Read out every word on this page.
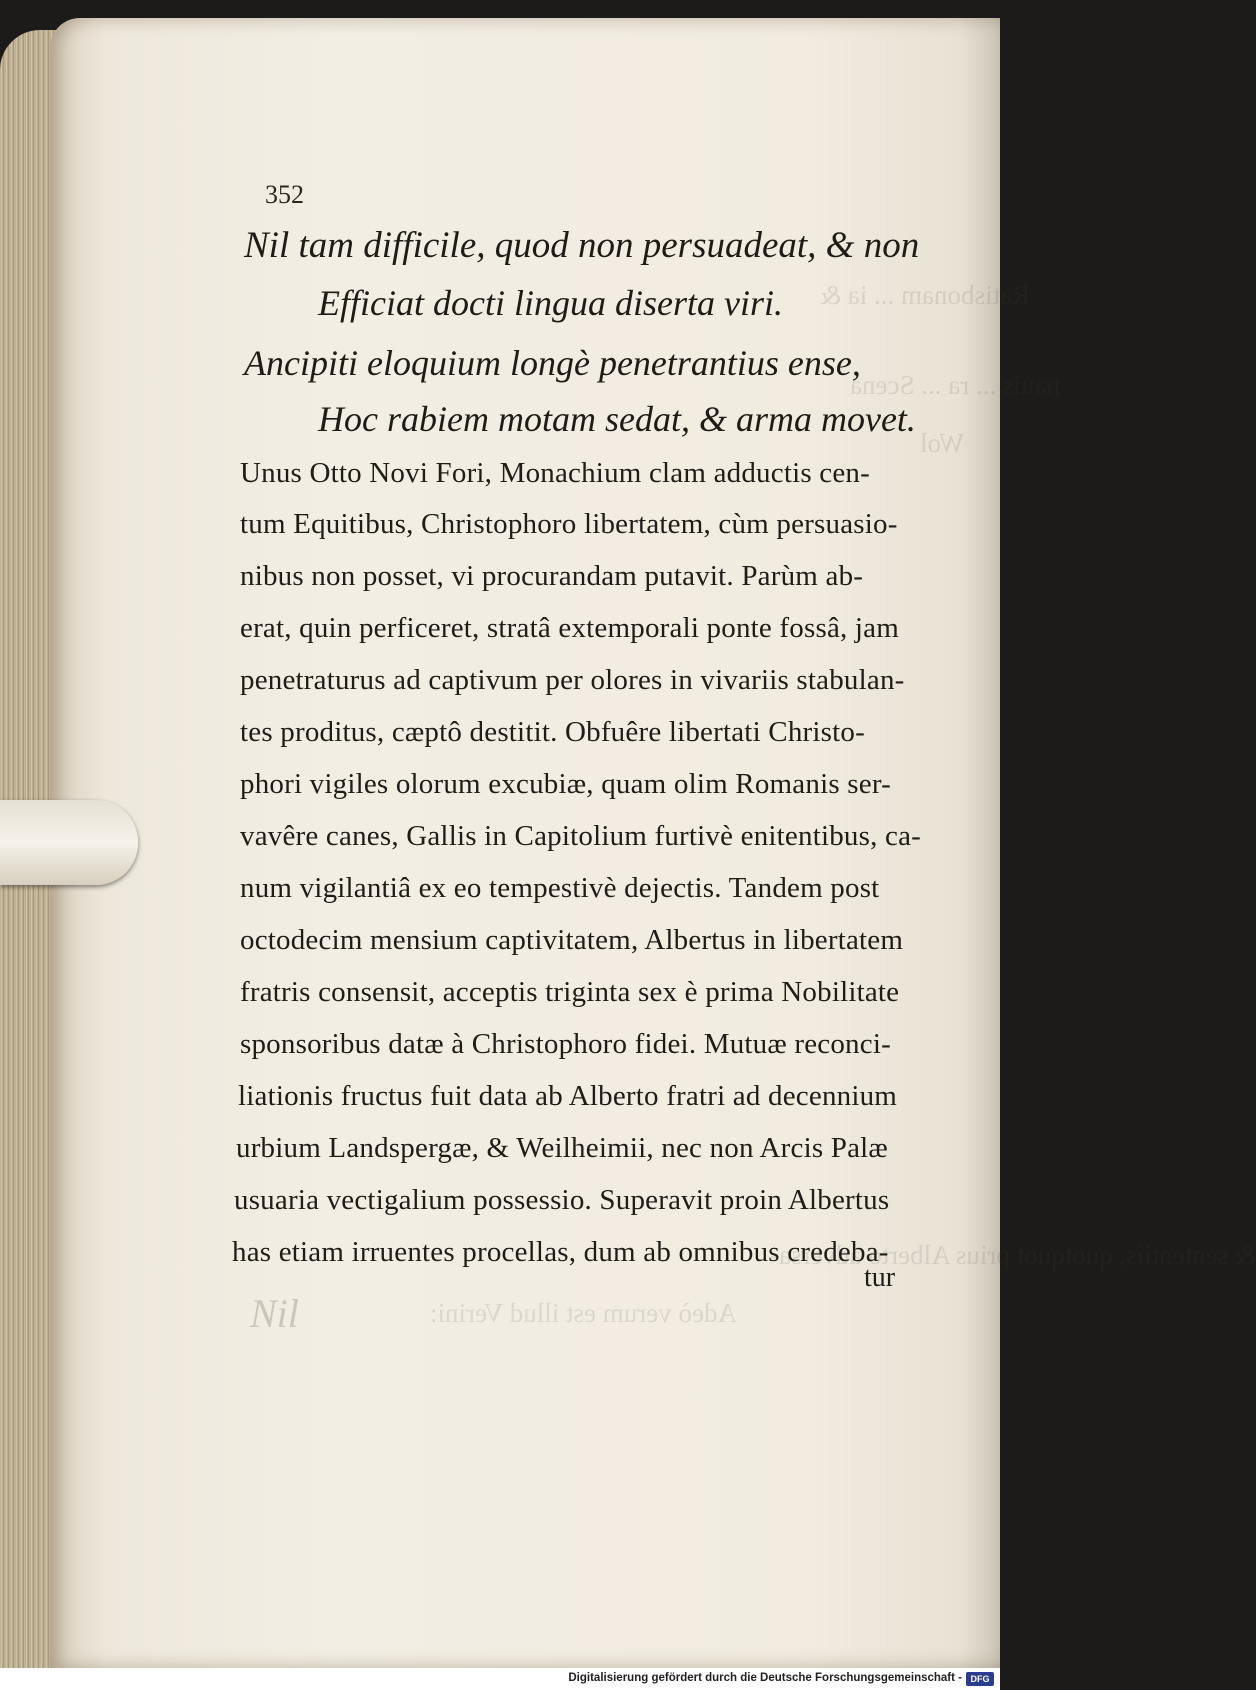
Ratisbonam ... ia &
nauis ... ra ... Scena
Wol
& sententiis, quotquot prius Alberto adversa-
Adeò verum est illud Verini:
352
Nil tam difficile, quod non persuadeat, & non
Efficiat docti lingua diserta viri.
Ancipiti eloquium longè penetrantius ense,
Hoc rabiem motam sedat, & arma movet.
Unus Otto Novi Fori, Monachium clam adductis cen-
tum Equitibus, Christophoro libertatem, cùm persuasio-
nibus non posset, vi procurandam putavit. Parùm ab-
erat, quin perficeret, stratâ extemporali ponte fossâ, jam
penetraturus ad captivum per olores in vivariis stabulan-
tes proditus, cæptô destitit. Obfuêre libertati Christo-
phori vigiles olorum excubiæ, quam olim Romanis ser-
vavêre canes, Gallis in Capitolium furtivè enitentibus, ca-
num vigilantiâ ex eo tempestivè dejectis. Tandem post
octodecim mensium captivitatem, Albertus in libertatem
fratris consensit, acceptis triginta sex è prima Nobilitate
sponsoribus datæ à Christophoro fidei. Mutuæ reconci-
liationis fructus fuit data ab Alberto fratri ad decennium
urbium Landspergæ, & Weilheimii, nec non Arcis Palæ
usuaria vectigalium possessio. Superavit proin Albertus
has etiam irruentes procellas, dum ab omnibus credeba-
tur
Nil
Digitalisierung gefördert durch die Deutsche Forschungsgemeinschaft - DFG
